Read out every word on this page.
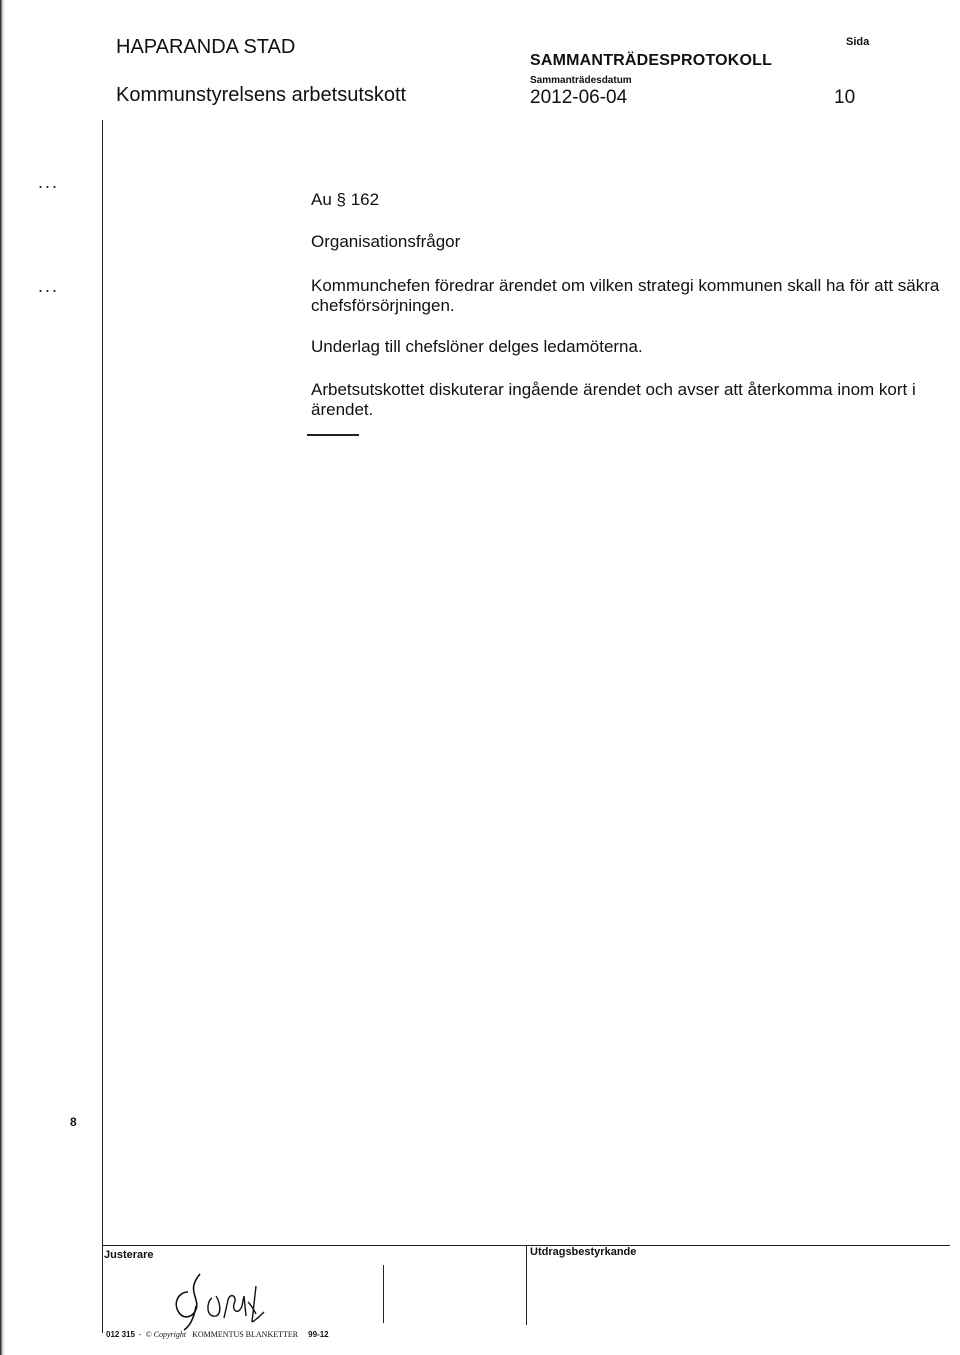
HAPARANDA STAD
Kommunstyrelsens arbetsutskott
SAMMANTRÄDESPROTOKOLL
Sammanträdesdatum
2012-06-04
Sida
10
...
...
Au § 162
Organisationsfrågor
Kommunchefen föredrar ärendet om vilken strategi kommunen skall ha för att säkra chefsförsörjningen.
Underlag till chefslöner delges ledamöterna.
Arbetsutskottet diskuterar ingående ärendet och avser att återkomma inom kort i ärendet.
8
Justerare	Utdragsbestyrkande
012 315  -  © Copyright KOMMENTUS BLANKETTER 99-12
